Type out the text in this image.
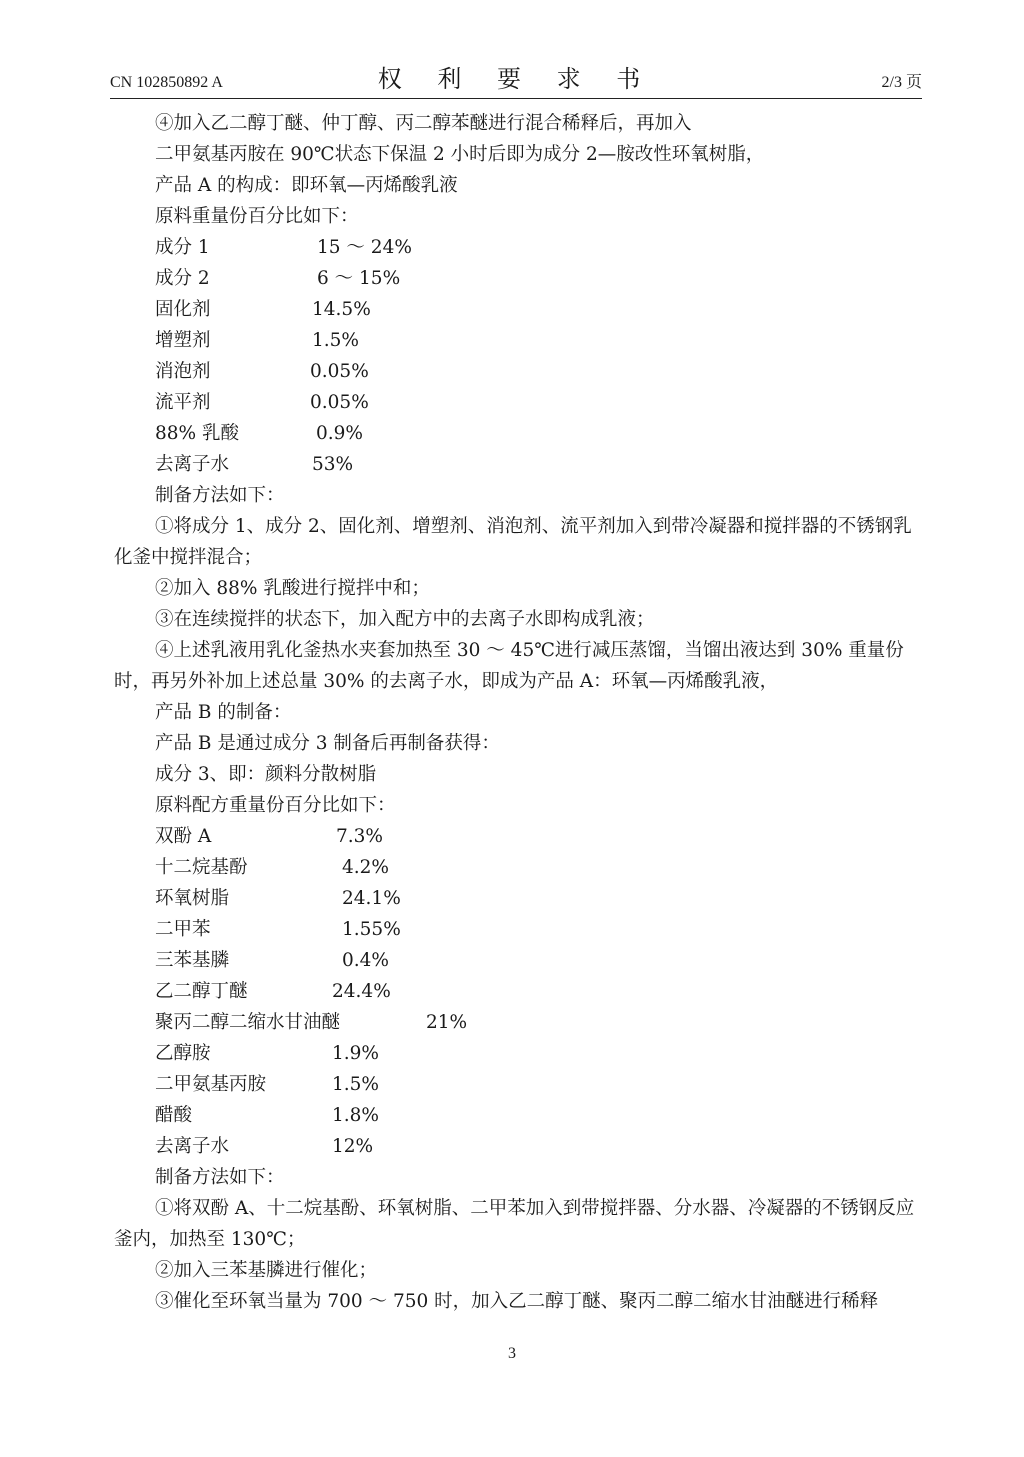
CN 102850892 A	权 利 要 求 书	2/3 页

④加入乙二醇丁醚、仲丁醇、丙二醇苯醚进行混合稀释后，再加入

二甲氨基丙胺在 90℃状态下保温 2 小时后即为成分 2—胺改性环氧树脂，

产品 A 的构成：即环氧—丙烯酸乳液

原料重量份百分比如下：

成分 1	15 ～ 24%
成分 2	6 ～ 15%
固化剂	14.5%
增塑剂	1.5%
消泡剂	0.05%
流平剂	0.05%
88% 乳酸	0.9%
去离子水	53%

制备方法如下：

①将成分 1、成分 2、固化剂、增塑剂、消泡剂、流平剂加入到带冷凝器和搅拌器的不锈钢乳化釜中搅拌混合；

②加入 88% 乳酸进行搅拌中和；

③在连续搅拌的状态下，加入配方中的去离子水即构成乳液；

④上述乳液用乳化釜热水夹套加热至 30 ～ 45℃进行减压蒸馏，当馏出液达到 30% 重量份时，再另外补加上述总量 30% 的去离子水，即成为产品 A：环氧—丙烯酸乳液，

产品 B 的制备：

产品 B 是通过成分 3 制备后再制备获得：

成分 3、即：颜料分散树脂

原料配方重量份百分比如下：

双酚 A	7.3%
十二烷基酚	4.2%
环氧树脂	24.1%
二甲苯	1.55%
三苯基膦	0.4%
乙二醇丁醚	24.4%
聚丙二醇二缩水甘油醚	21%
乙醇胺	1.9%
二甲氨基丙胺	1.5%
醋酸	1.8%
去离子水	12%

制备方法如下：

①将双酚 A、十二烷基酚、环氧树脂、二甲苯加入到带搅拌器、分水器、冷凝器的不锈钢反应釜内，加热至 130℃；

②加入三苯基膦进行催化；

③催化至环氧当量为 700 ～ 750 时，加入乙二醇丁醚、聚丙二醇二缩水甘油醚进行稀释

3
